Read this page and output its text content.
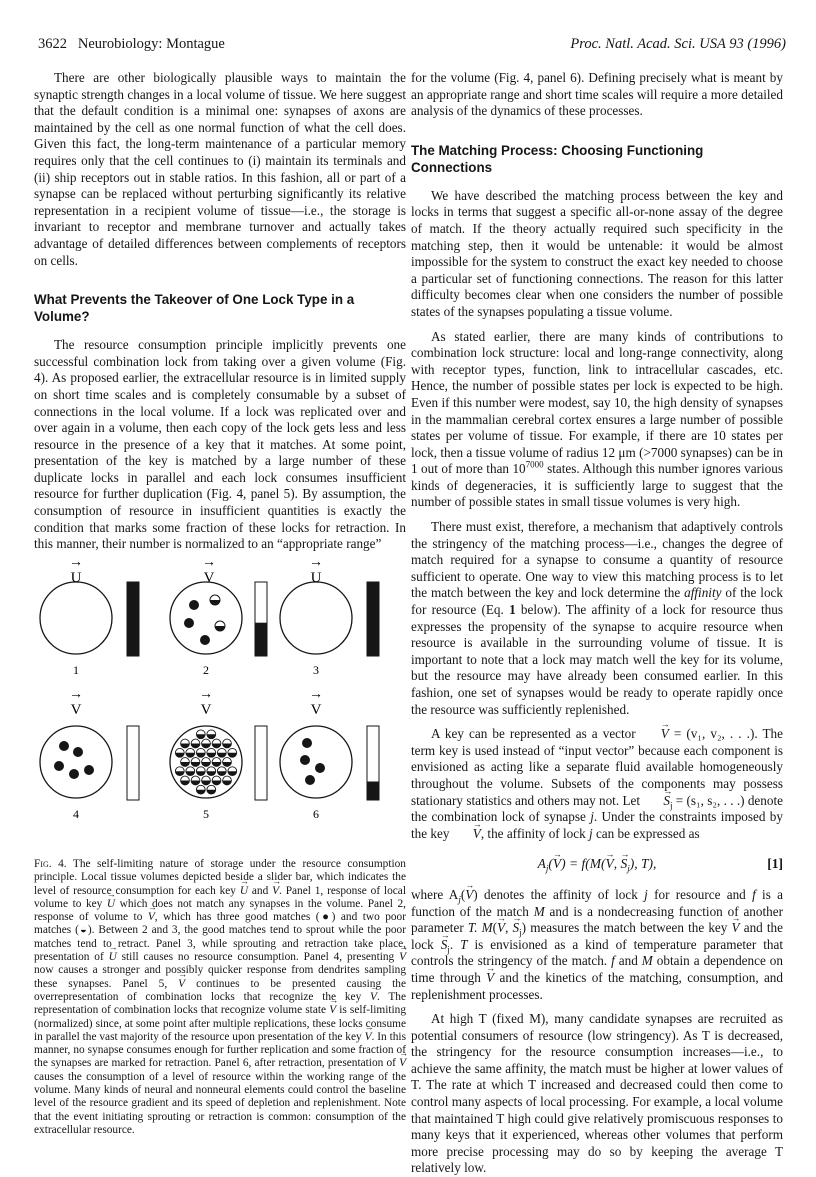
3622 Neurobiology: Montague	Proc. Natl. Acad. Sci. USA 93 (1996)

There are other biologically plausible ways to maintain the synaptic strength changes in a local volume of tissue. We here suggest that the default condition is a minimal one: synapses of axons are maintained by the cell as one normal function of what the cell does. Given this fact, the long-term maintenance of a particular memory requires only that the cell continues to (i) maintain its terminals and (ii) ship receptors out in stable ratios. In this fashion, all or part of a synapse can be replaced without perturbing significantly its relative representation in a recipient volume of tissue—i.e., the storage is invariant to receptor and membrane turnover and actually takes advantage of detailed differences between complements of receptors on cells.

What Prevents the Takeover of One Lock Type in a Volume?

The resource consumption principle implicitly prevents one successful combination lock from taking over a given volume (Fig. 4). As proposed earlier, the extracellular resource is in limited supply on short time scales and is completely consumable by a subset of connections in the local volume. If a lock was replicated over and over again in a volume, then each copy of the lock gets less and less resource in the presence of a key that it matches. At some point, presentation of the key is matched by a large number of these duplicate locks in parallel and each lock consumes insufficient resource for further duplication (Fig. 4, panel 5). By assumption, the consumption of resource in insufficient quantities is exactly the condition that marks some fraction of these locks for retraction. In this manner, their number is normalized to an “appropriate range”

→
U
→
V
→
U
1	2	3
→
V
→
V
→
V
4	5	6
Fig. 4. The self-limiting nature of storage under the resource consumption principle. Local tissue volumes depicted beside a slider bar, which indicates the level of resource consumption for each key → U and → V. Panel 1, response of local volume to key → U which does not match any synapses in the volume. Panel 2, response of volume to → V, which has three good matches (●) and two poor matches (◒). Between 2 and 3, the good matches tend to sprout while the poor matches tend to retract. Panel 3, while sprouting and retraction take place, presentation of → U still causes no resource consumption. Panel 4, presenting → V now causes a stronger and possibly quicker response from dendrites sampling these synapses. Panel 5, → V continues to be presented causing the overrepresentation of combination locks that recognize the key → V. The representation of combination locks that recognize volume state → V is self-limiting (normalized) since, at some point after multiple replications, these locks consume in parallel the vast majority of the resource upon presentation of the key → V. In this manner, no synapse consumes enough for further replication and some fraction of the synapses are marked for retraction. Panel 6, after retraction, presentation of → V causes the consumption of a level of resource within the working range of the volume. Many kinds of neural and nonneural elements could control the baseline level of the resource gradient and its speed of depletion and replenishment. Note that the event initiating sprouting or retraction is common: consumption of the extracellular resource.

for the volume (Fig. 4, panel 6). Defining precisely what is meant by an appropriate range and short time scales will require a more detailed analysis of the dynamics of these processes.

The Matching Process: Choosing Functioning Connections

We have described the matching process between the key and locks in terms that suggest a specific all-or-none assay of the degree of match. If the theory actually required such specificity in the matching step, then it would be untenable: it would be almost impossible for the system to construct the exact key needed to choose a particular set of functioning connections. The reason for this latter difficulty becomes clear when one considers the number of possible states of the synapses populating a tissue volume.

As stated earlier, there are many kinds of contributions to combination lock structure: local and long-range connectivity, along with receptor types, function, link to intracellular cascades, etc. Hence, the number of possible states per lock is expected to be high. Even if this number were modest, say 10, the high density of synapses in the mammalian cerebral cortex ensures a large number of possible states per volume of tissue. For example, if there are 10 states per lock, then a tissue volume of radius 12 μm (>7000 synapses) can be in 1 out of more than $10^{7000}$ states. Although this number ignores various kinds of degeneracies, it is sufficiently large to suggest that the number of possible states in small tissue volumes is very high.

There must exist, therefore, a mechanism that adaptively controls the stringency of the matching process—i.e., changes the degree of match required for a synapse to consume a quantity of resource sufficient to operate. One way to view this matching process is to let the match between the key and lock determine the affinity of the lock for resource (Eq. 1 below). The affinity of a lock for resource thus expresses the propensity of the synapse to acquire resource when resource is available in the surrounding volume of tissue. It is important to note that a lock may match well the key for its volume, but the resource may have already been consumed earlier. In this fashion, one set of synapses would be ready to operate rapidly once the resource was sufficiently replenished.

A key can be represented as a vector → V = (v₁, v₂, . . .). The term key is used instead of “input vector” because each component is envisioned as acting like a separate fluid available homogeneously throughout the volume. Subsets of the components may possess stationary statistics and others may not. Let → $S_j = (s_1$, s₂, . . .) denote the combination lock of synapse j. Under the constraints imposed by the key → V, the affinity of lock j can be expressed as

$A_j(\to V) = f(M(\to V$, → $S_j$), T),	[1]

where $A_j(\to V)$ denotes the affinity of lock j for resource and f is a function of the match M and is a nondecreasing function of another parameter T. M(→ V, → $S_j$) measures the match between the key → V and the lock → $S_j$. T is envisioned as a kind of temperature parameter that controls the stringency of the match. f and M obtain a dependence on time through → V and the kinetics of the matching, consumption, and replenishment processes.

At high T (fixed M), many candidate synapses are recruited as potential consumers of resource (low stringency). As T is decreased, the stringency for the resource consumption increases—i.e., to achieve the same affinity, the match must be higher at lower values of T. The rate at which T increased and decreased could then come to control many aspects of local processing. For example, a local volume that maintained T high could give relatively promiscuous responses to many keys that it experienced, whereas other volumes that perform more precise processing may do so by keeping the average T relatively low.
